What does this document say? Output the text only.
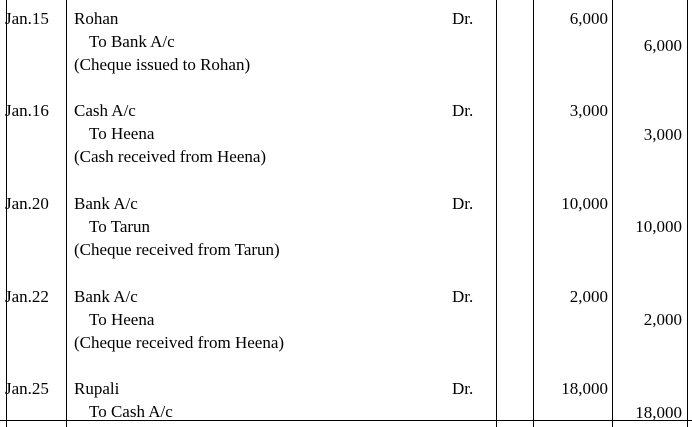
Jan.15	Rohan	Dr.	6,000
To Bank A/c	6,000
(Cheque issued to Rohan)
Jan.16	Cash A/c	Dr.	3,000
To Heena	3,000
(Cash received from Heena)
Jan.20	Bank A/c	Dr.	10,000
To Tarun	10,000
(Cheque received from Tarun)
Jan.22	Bank A/c	Dr.	2,000
To Heena	2,000
(Cheque received from Heena)
Jan.25	Rupali	Dr.	18,000
To Cash A/c	18,000
